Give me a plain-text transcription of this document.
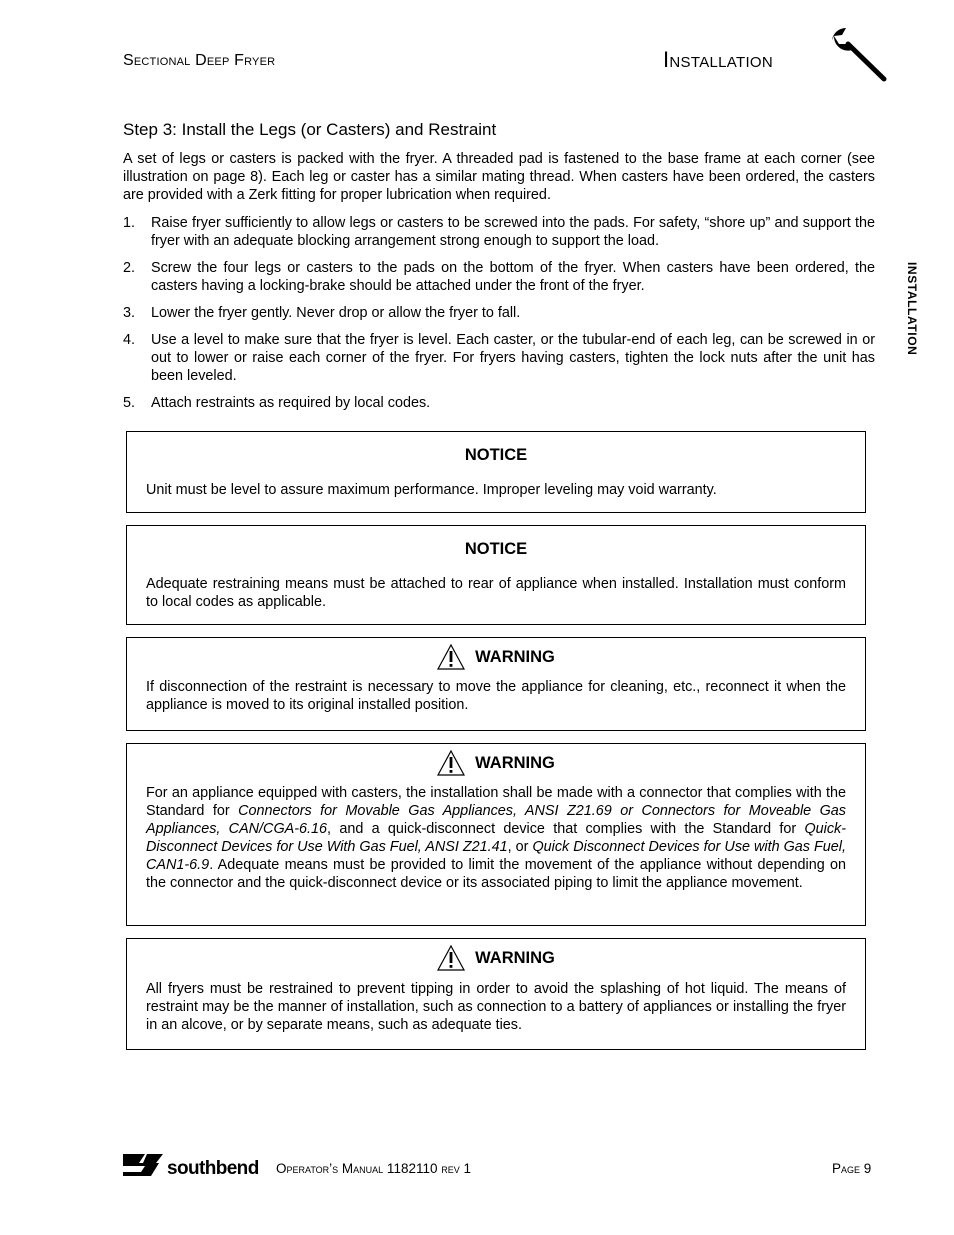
Sectional Deep Fryer	Installation
INSTALLATION
Step 3: Install the Legs (or Casters) and Restraint

A set of legs or casters is packed with the fryer. A threaded pad is fastened to the base frame at each corner (see illustration on page 8). Each leg or caster has a similar mating thread. When casters have been ordered, the casters are provided with a Zerk fitting for proper lubrication when required.

1. Raise fryer sufficiently to allow legs or casters to be screwed into the pads. For safety, “shore up” and support the fryer with an adequate blocking arrangement strong enough to support the load.
2. Screw the four legs or casters to the pads on the bottom of the fryer. When casters have been ordered, the casters having a locking-brake should be attached under the front of the fryer.
3. Lower the fryer gently. Never drop or allow the fryer to fall.
4. Use a level to make sure that the fryer is level. Each caster, or the tubular-end of each leg, can be screwed in or out to lower or raise each corner of the fryer. For fryers having casters, tighten the lock nuts after the unit has been leveled.
5. Attach restraints as required by local codes.

NOTICE

Unit must be level to assure maximum performance. Improper leveling may void warranty.

NOTICE

Adequate restraining means must be attached to rear of appliance when installed. Installation must conform to local codes as applicable.

WARNING

If disconnection of the restraint is necessary to move the appliance for cleaning, etc., reconnect it when the appliance is moved to its original installed position.

WARNING

For an appliance equipped with casters, the installation shall be made with a connector that complies with the Standard for Connectors for Movable Gas Appliances, ANSI Z21.69 or Connectors for Moveable Gas Appliances, CAN/CGA-6.16, and a quick-disconnect device that complies with the Standard for Quick-Disconnect Devices for Use With Gas Fuel, ANSI Z21.41, or Quick Disconnect Devices for Use with Gas Fuel, CAN1-6.9. Adequate means must be provided to limit the movement of the appliance without depending on the connector and the quick-disconnect device or its associated piping to limit the appliance movement.

WARNING

All fryers must be restrained to prevent tipping in order to avoid the splashing of hot liquid. The means of restraint may be the manner of installation, such as connection to a battery of appliances or installing the fryer in an alcove, or by separate means, such as adequate ties.

southbend Operator’s Manual 1182110 rev 1	Page 9
